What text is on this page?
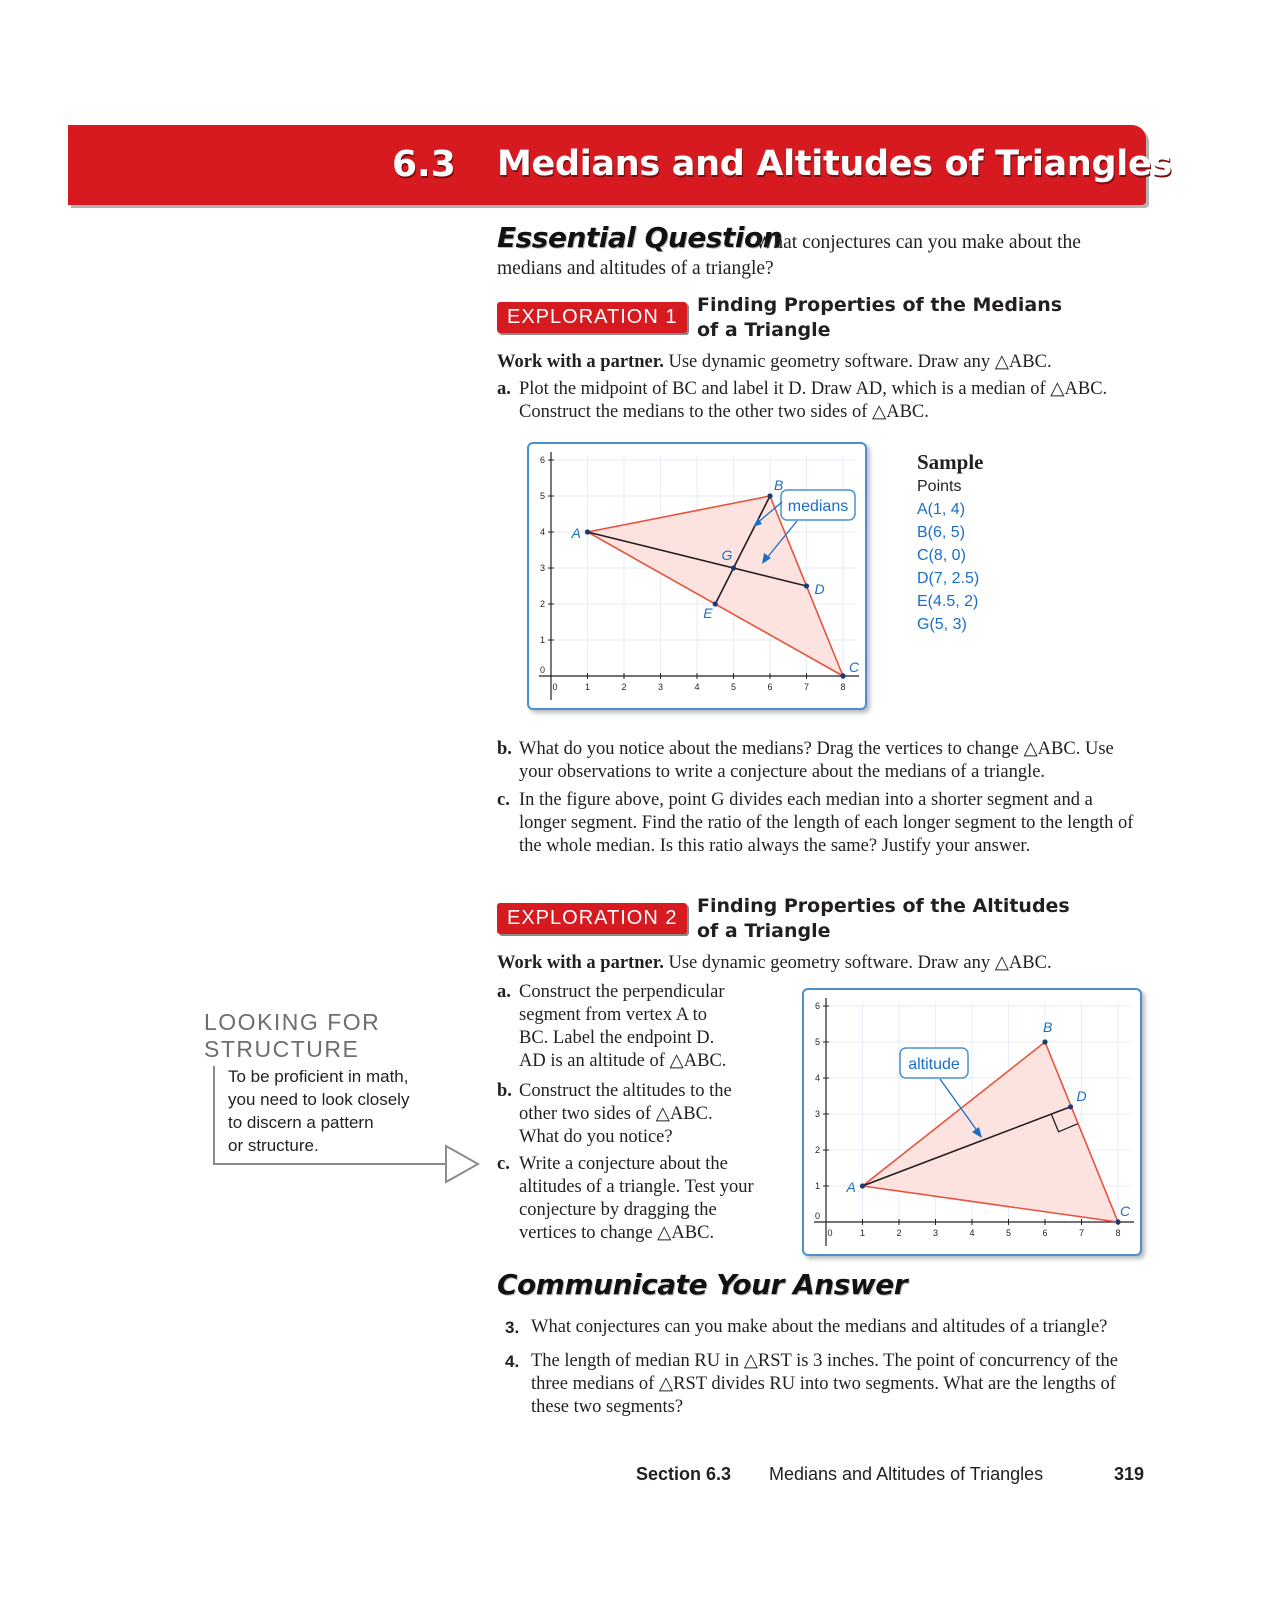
6.3 Medians and Altitudes of Triangles
Essential Question
What conjectures can you make about the medians and altitudes of a triangle?
EXPLORATION 1
Finding Properties of the Medians
of a Triangle
Work with a partner. Use dynamic geometry software. Draw any △ABC.
a. Plot the midpoint of BC and label it D. Draw AD, which is a median of △ABC. Construct the medians to the other two sides of △ABC.
0	1	2	3	4	5	6	7	8
0
1
2
3
4
5
6
medians
A
B
C
D
E
G
Sample
Points
A(1, 4)
B(6, 5)
C(8, 0)
D(7, 2.5)
E(4.5, 2)
G(5, 3)
b. What do you notice about the medians? Drag the vertices to change △ABC. Use your observations to write a conjecture about the medians of a triangle.
c. In the figure above, point G divides each median into a shorter segment and a longer segment. Find the ratio of the length of each longer segment to the length of the whole median. Is this ratio always the same? Justify your answer.
EXPLORATION 2
Finding Properties of the Altitudes
of a Triangle
Work with a partner. Use dynamic geometry software. Draw any △ABC.
a. Construct the perpendicular
segment from vertex A to
BC. Label the endpoint D.
AD is an altitude of △ABC.
b. Construct the altitudes to the
other two sides of △ABC.
What do you notice?
c. Write a conjecture about the
altitudes of a triangle. Test your
conjecture by dragging the
vertices to change △ABC.	0	1	2	3	4	5	6	7	8
0
1
2
3
4
5
6
altitude
A
B
C
D
LOOKING FOR
STRUCTURE
To be proficient in math,
you need to look closely
to discern a pattern
or structure.
Communicate Your Answer
3. What conjectures can you make about the medians and altitudes of a triangle?
4. The length of median RU in △RST is 3 inches. The point of concurrency of the three medians of △RST divides RU into two segments. What are the lengths of these two segments?
Section 6.3 Medians and Altitudes of Triangles	319
